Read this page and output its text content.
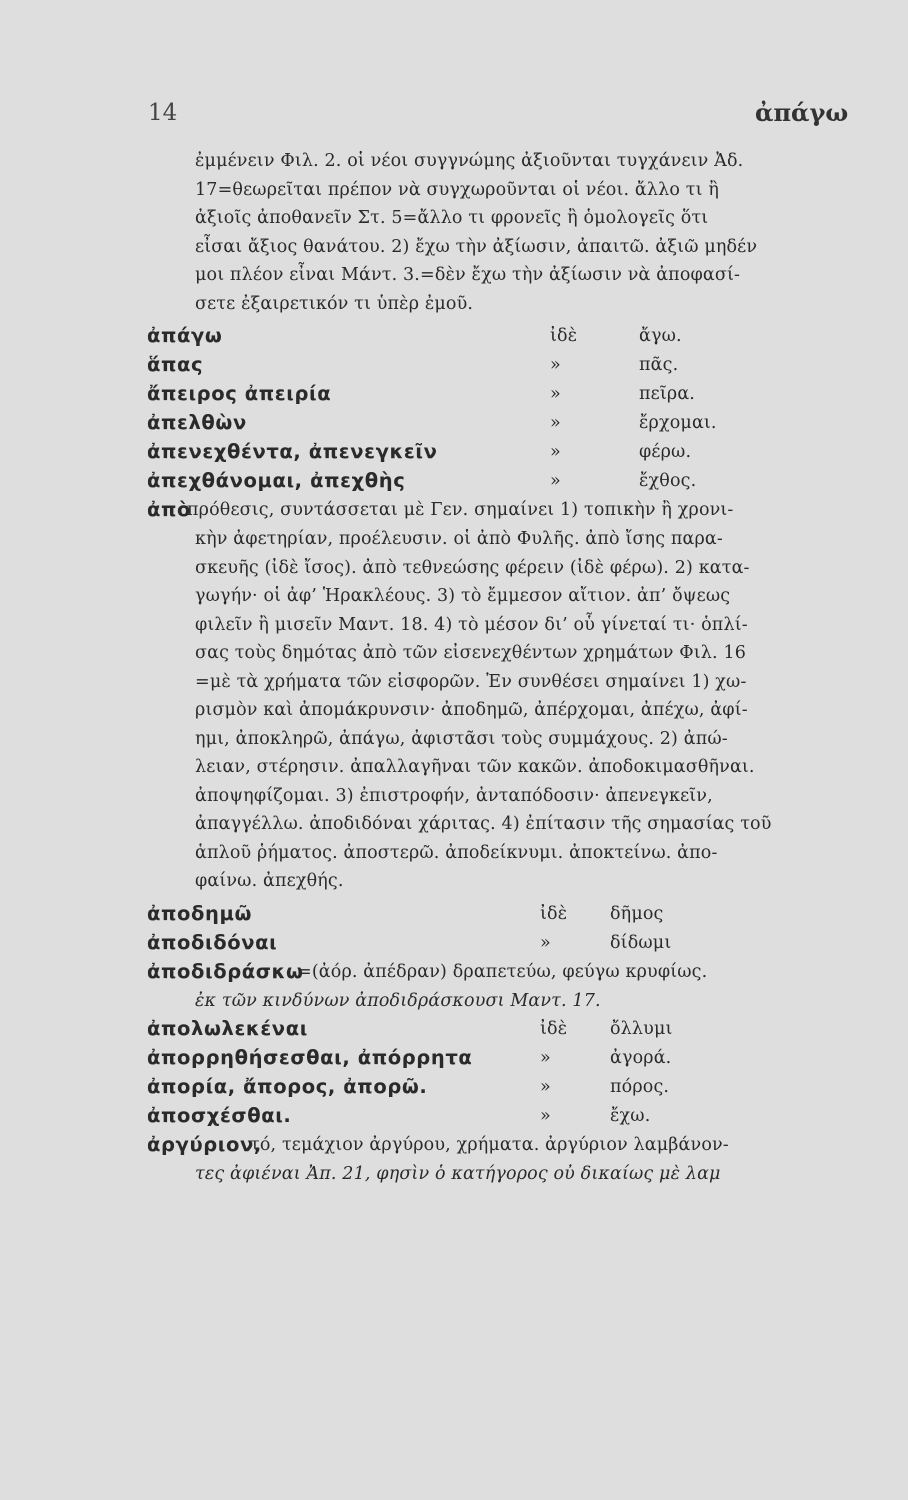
14	ἀπάγω
ἐμμένειν Φιλ. 2. οἱ νέοι συγγνώμης ἀξιοῦνται τυγχάνειν Ἀδ.
17=θεωρεῖται πρέπον νὰ συγχωροῦνται οἱ νέοι. ἄλλο τι ἢ
ἀξιοῖς ἀποθανεῖν Στ. 5=ἄλλο τι φρονεῖς ἢ ὁμολογεῖς ὅτι
εἶσαι ἄξιος θανάτου. 2) ἔχω τὴν ἀξίωσιν, ἀπαιτῶ. ἀξιῶ μηδέν
μοι πλέον εἶναι Μάντ. 3.=δὲν ἔχω τὴν ἀξίωσιν νὰ ἀποφασί-
σετε ἐξαιρετικόν τι ὑπὲρ ἐμοῦ.
ἀπάγω	ἰδὲ	ἄγω.
ἅπας	»	πᾶς.
ἄπειρος ἀπειρία	»	πεῖρα.
ἀπελθὼν	»	ἔρχομαι.
ἀπενεχθέντα, ἀπενεγκεῖν	»	φέρω.
ἀπεχθάνομαι, ἀπεχθὴς	»	ἔχθος.
ἀπὸ
πρόθεσις, συντάσσεται μὲ Γεν. σημαίνει 1) τοπικὴν ἢ χρονι-
κὴν ἀφετηρίαν, προέλευσιν. οἱ ἀπὸ Φυλῆς. ἀπὸ ἴσης παρα-
σκευῆς (ἰδὲ ἴσος). ἀπὸ τεθνεώσης φέρειν (ἰδὲ φέρω). 2) κατα-
γωγήν· οἱ ἀφ’ Ἡρακλέους. 3) τὸ ἔμμεσον αἴτιον. ἀπ’ ὄψεως
φιλεῖν ἢ μισεῖν Μαντ. 18. 4) τὸ μέσον δι’ οὗ γίνεταί τι· ὁπλί-
σας τοὺς δημότας ἀπὸ τῶν εἰσενεχθέντων χρημάτων Φιλ. 16
=μὲ τὰ χρήματα τῶν εἰσφορῶν. Ἐν συνθέσει σημαίνει 1) χω-
ρισμὸν καὶ ἀπομάκρυνσιν· ἀποδημῶ, ἀπέρχομαι, ἀπέχω, ἀφί-
ημι, ἀποκληρῶ, ἀπάγω, ἀφιστᾶσι τοὺς συμμάχους. 2) ἀπώ-
λειαν, στέρησιν. ἀπαλλαγῆναι τῶν κακῶν. ἀποδοκιμασθῆναι.
ἀποψηφίζομαι. 3) ἐπιστροφήν, ἀνταπόδοσιν· ἀπενεγκεῖν,
ἀπαγγέλλω. ἀποδιδόναι χάριτας. 4) ἐπίτασιν τῆς σημασίας τοῦ
ἁπλοῦ ῥήματος. ἀποστερῶ. ἀποδείκνυμι. ἀποκτείνω. ἀπο-
φαίνω. ἀπεχθής.
ἀποδημῶ	ἰδὲ δῆμος
ἀποδιδόναι	»	δίδωμι
ἀποδιδράσκω
=(ἀόρ. ἀπέδραν) δραπετεύω, φεύγω κρυφίως.
ἐκ τῶν κινδύνων ἀποδιδράσκουσι Μαντ. 17.
ἀπολωλεκέναι	ἰδὲ ὄλλυμι
ἀπορρηθήσεσθαι, ἀπόρρητα	»	ἀγορά.
ἀπορία, ἄπορος, ἀπορῶ.	»	πόρος.
ἀποσχέσθαι.	»	ἔχω.
ἀργύριον,
τό, τεμάχιον ἀργύρου, χρήματα. ἀργύριον λαμβάνον-
τες ἀφιέναι Ἀπ. 21, φησὶν ὁ κατήγορος οὐ δικαίως μὲ λαμ
